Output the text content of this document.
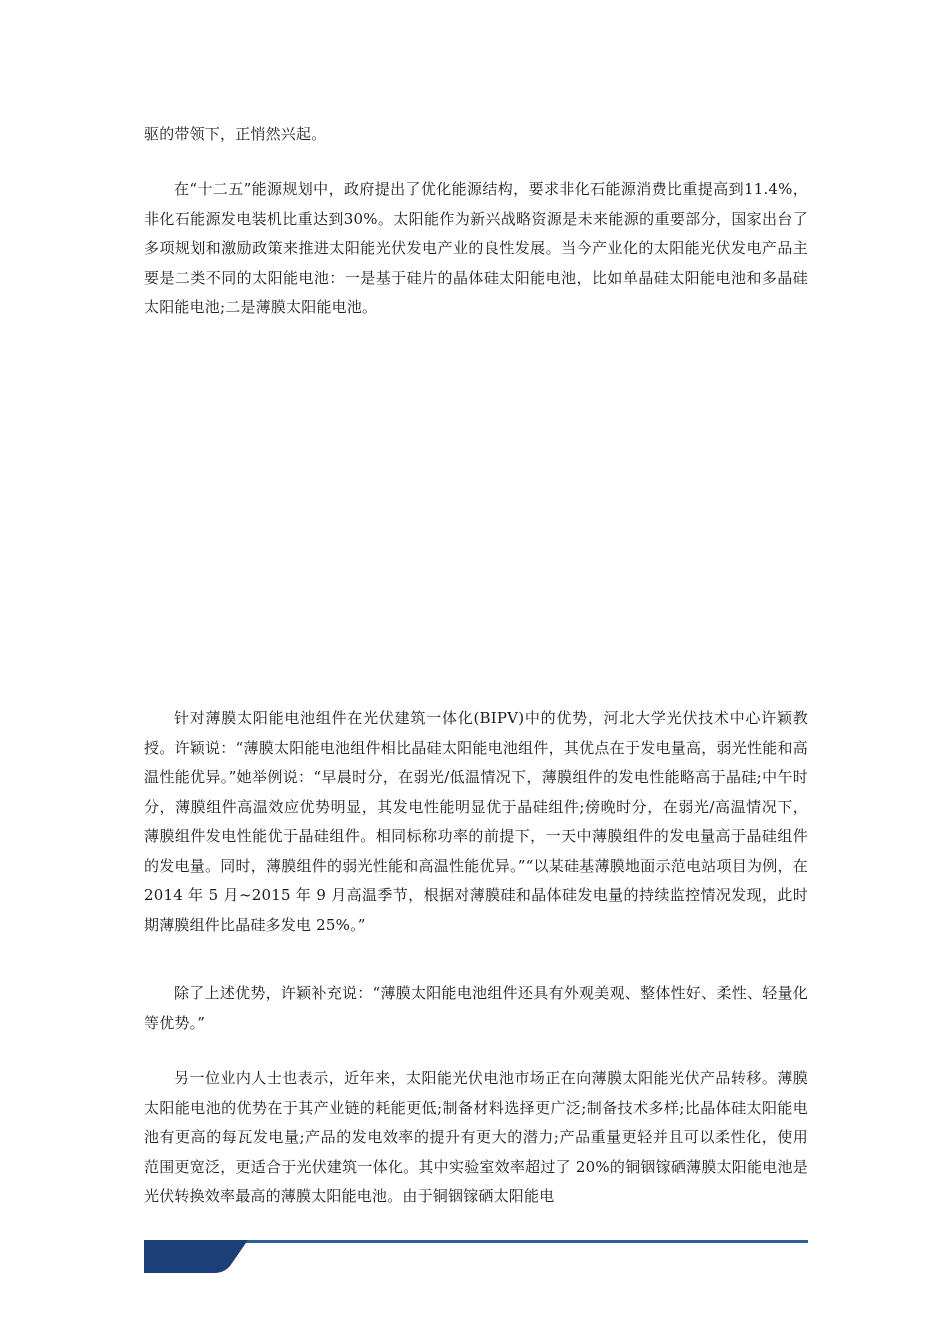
驱的带领下，正悄然兴起。

在“十二五”能源规划中，政府提出了优化能源结构，要求非化石能源消费比重提高到11.4%，非化石能源发电装机比重达到30%。太阳能作为新兴战略资源是未来能源的重要部分，国家出台了多项规划和激励政策来推进太阳能光伏发电产业的良性发展。当今产业化的太阳能光伏发电产品主要是二类不同的太阳能电池：一是基于硅片的晶体硅太阳能电池，比如单晶硅太阳能电池和多晶硅太阳能电池;二是薄膜太阳能电池。

针对薄膜太阳能电池组件在光伏建筑一体化(BIPV)中的优势，河北大学光伏技术中心许颖教授。许颖说：“薄膜太阳能电池组件相比晶硅太阳能电池组件，其优点在于发电量高，弱光性能和高温性能优异。”她举例说：“早晨时分，在弱光/低温情况下，薄膜组件的发电性能略高于晶硅;中午时分，薄膜组件高温效应优势明显，其发电性能明显优于晶硅组件;傍晚时分，在弱光/高温情况下，薄膜组件发电性能优于晶硅组件。相同标称功率的前提下，一天中薄膜组件的发电量高于晶硅组件的发电量。同时，薄膜组件的弱光性能和高温性能优异。”“以某硅基薄膜地面示范电站项目为例，在 2014 年 5 月~2015 年 9 月高温季节，根据对薄膜硅和晶体硅发电量的持续监控情况发现，此时期薄膜组件比晶硅多发电 25%。”

除了上述优势，许颖补充说：“薄膜太阳能电池组件还具有外观美观、整体性好、柔性、轻量化等优势。”

另一位业内人士也表示，近年来，太阳能光伏电池市场正在向薄膜太阳能光伏产品转移。薄膜太阳能电池的优势在于其产业链的耗能更低;制备材料选择更广泛;制备技术多样;比晶体硅太阳能电池有更高的每瓦发电量;产品的发电效率的提升有更大的潜力;产品重量更轻并且可以柔性化，使用范围更宽泛，更适合于光伏建筑一体化。其中实验室效率超过了 20%的铜铟镓硒薄膜太阳能电池是光伏转换效率最高的薄膜太阳能电池。由于铜铟镓硒太阳能电
